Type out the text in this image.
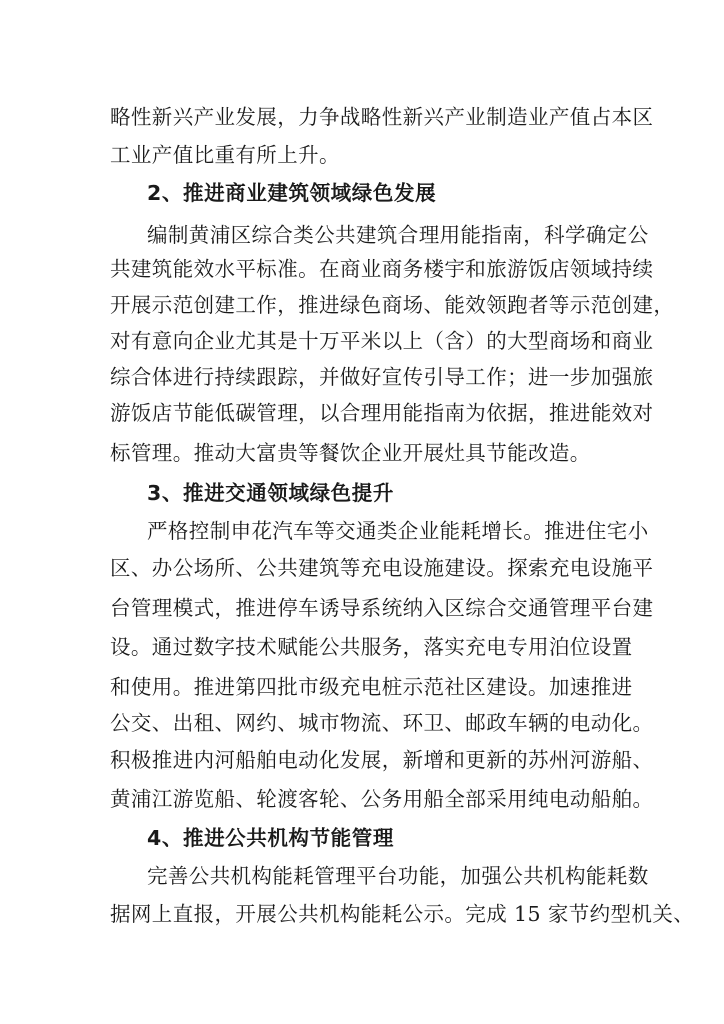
略性新兴产业发展，力争战略性新兴产业制造业产值占本区
工业产值比重有所上升。
2、推进商业建筑领域绿色发展
编制黄浦区综合类公共建筑合理用能指南，科学确定公
共建筑能效水平标准。在商业商务楼宇和旅游饭店领域持续
开展示范创建工作，推进绿色商场、能效领跑者等示范创建，
对有意向企业尤其是十万平米以上（含）的大型商场和商业
综合体进行持续跟踪，并做好宣传引导工作；进一步加强旅
游饭店节能低碳管理，以合理用能指南为依据，推进能效对
标管理。推动大富贵等餐饮企业开展灶具节能改造。
3、推进交通领域绿色提升
严格控制申花汽车等交通类企业能耗增长。推进住宅小
区、办公场所、公共建筑等充电设施建设。探索充电设施平
台管理模式，推进停车诱导系统纳入区综合交通管理平台建
设。通过数字技术赋能公共服务，落实充电专用泊位设置
和使用。推进第四批市级充电桩示范社区建设。加速推进
公交、出租、网约、城市物流、环卫、邮政车辆的电动化。
积极推进内河船舶电动化发展，新增和更新的苏州河游船、
黄浦江游览船、轮渡客轮、公务用船全部采用纯电动船舶。
4、推进公共机构节能管理
完善公共机构能耗管理平台功能，加强公共机构能耗数
据网上直报，开展公共机构能耗公示。完成 15 家节约型机关、
